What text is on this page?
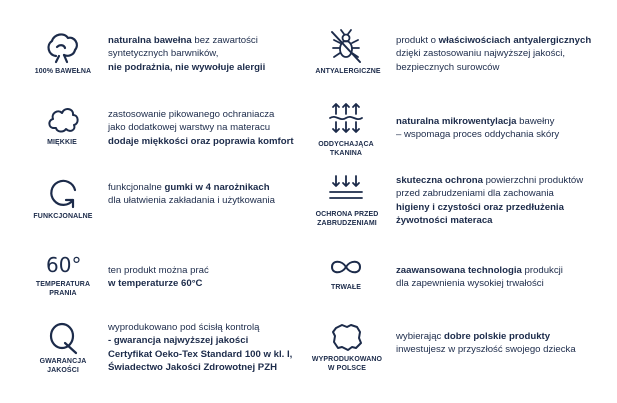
100% BAWEŁNA
naturalna bawełna bez zawartości
syntetycznych barwników,
nie podrażnia, nie wywołuje alergii	ANTYALERGICZNE
produkt o właściwościach antyalergicznych
dzięki zastosowaniu najwyższej jakości,
bezpiecznych surowców
MIĘKKIE
zastosowanie pikowanego ochraniacza
jako dodatkowej warstwy na materacu
dodaje miękkości oraz poprawia komfort	ODDYCHAJĄCA
TKANINA
naturalna mikrowentylacja bawełny
– wspomaga proces oddychania skóry
FUNKCJONALNE
funkcjonalne gumki w 4 narożnikach
dla ułatwienia zakładania i użytkowania
OCHRONA PRZED
ZABRUDZENIAMI
skuteczna ochrona powierzchni produktów
przed zabrudzeniami dla zachowania
higieny i czystości oraz przedłużenia
żywotności materaca
60°
TEMPERATURA
PRANIA
ten produkt można prać
w temperaturze 60°C	TRWAŁE
zaawansowana technologia produkcji
dla zapewnienia wysokiej trwałości
GWARANCJA
JAKOŚCI
wyprodukowano pod ścisłą kontrolą
- gwarancja najwyższej jakości
Certyfikat Oeko-Tex Standard 100 w kl. I,
Świadectwo Jakości Zdrowotnej PZH
WYPRODUKOWANO
W POLSCE
wybierając dobre polskie produkty
inwestujesz w przyszłość swojego dziecka
